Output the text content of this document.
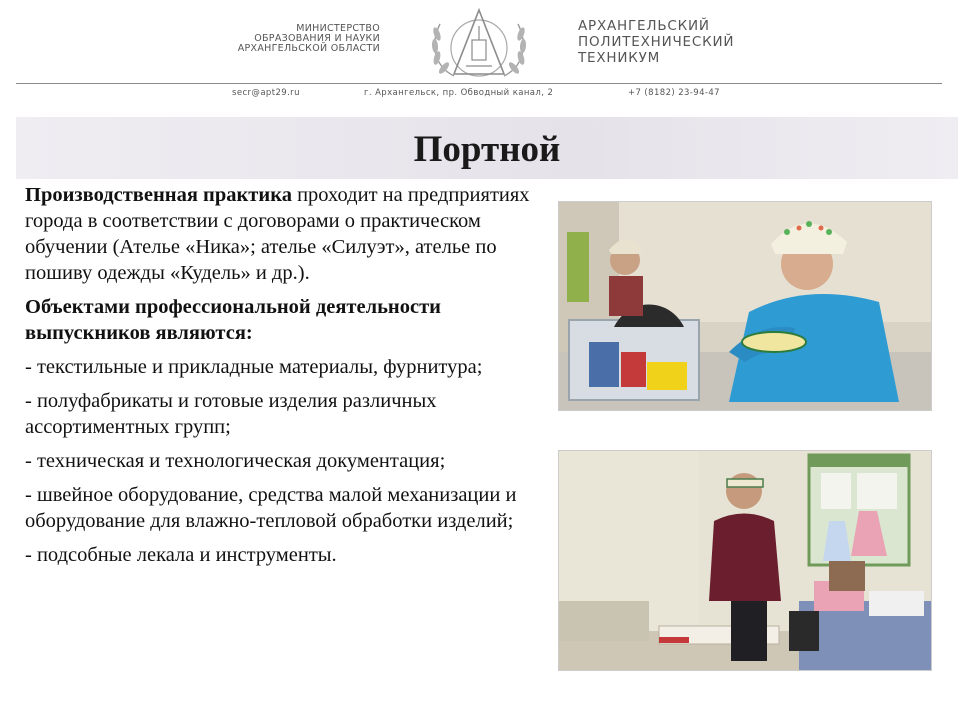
МИНИСТЕРСТВО
ОБРАЗОВАНИЯ И НАУКИ
АРХАНГЕЛЬСКОЙ ОБЛАСТИ
АРХАНГЕЛЬСКИЙ
ПОЛИТЕХНИЧЕСКИЙ
ТЕХНИКУМ
secr@apt29.ru	г. Архангельск, пр. Обводный канал, 2	+7 (8182) 23-94-47
Портной

Производственная практика проходит на предприятиях города в соответствии с договорами о практическом обучении (Ателье «Ника»; ателье «Силуэт», ателье по пошиву одежды «Кудель» и др.).

Объектами профессиональной деятельности выпускников являются:

- текстильные и прикладные материалы, фурнитура;

- полуфабрикаты и готовые изделия различных ассортиментных групп;

- техническая и технологическая документация;

- швейное оборудование, средства малой механизации и оборудование для влажно-тепловой обработки изделий;

- подсобные лекала и инструменты.
